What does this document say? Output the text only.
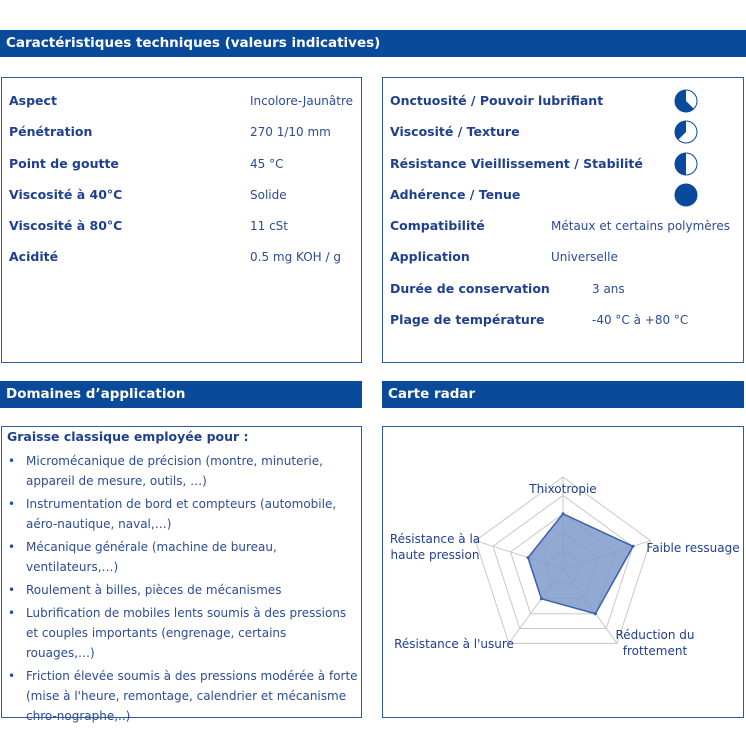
Caractéristiques techniques (valeurs indicatives)
Aspect	Incolore-Jaunâtre
Pénétration	270 1/10 mm
Point de goutte	45 °C
Viscosité à 40°C	Solide
Viscosité à 80°C	11 cSt
Acidité	0.5 mg KOH / g
Onctuosité / Pouvoir lubrifiant
Viscosité / Texture
Résistance Vieillissement / Stabilité
Adhérence / Tenue
Compatibilité	Métaux et certains polymères
Application	Universelle
Durée de conservation	3 ans
Plage de température	-40 °C à +80 °C
Domaines d’application	Carte radar
Graisse classique employée pour :
• Micromécanique de précision (montre, minuterie, appareil de mesure, outils, …)
• Instrumentation de bord et compteurs (automobile, aéro-nautique, naval,…)
• Mécanique générale (machine de bureau, ventilateurs,…)
• Roulement à billes, pièces de mécanismes
• Lubrification de mobiles lents soumis à des pressions et couples importants (engrenage, certains rouages,…)
• Friction élevée soumis à des pressions modérée à forte (mise à l'heure, remontage, calendrier et mécanisme chro-nographe,..)
Thixotropie
Faible ressuage
Réduction du
frottement
Résistance à l'usure
Résistance à la
haute pression
